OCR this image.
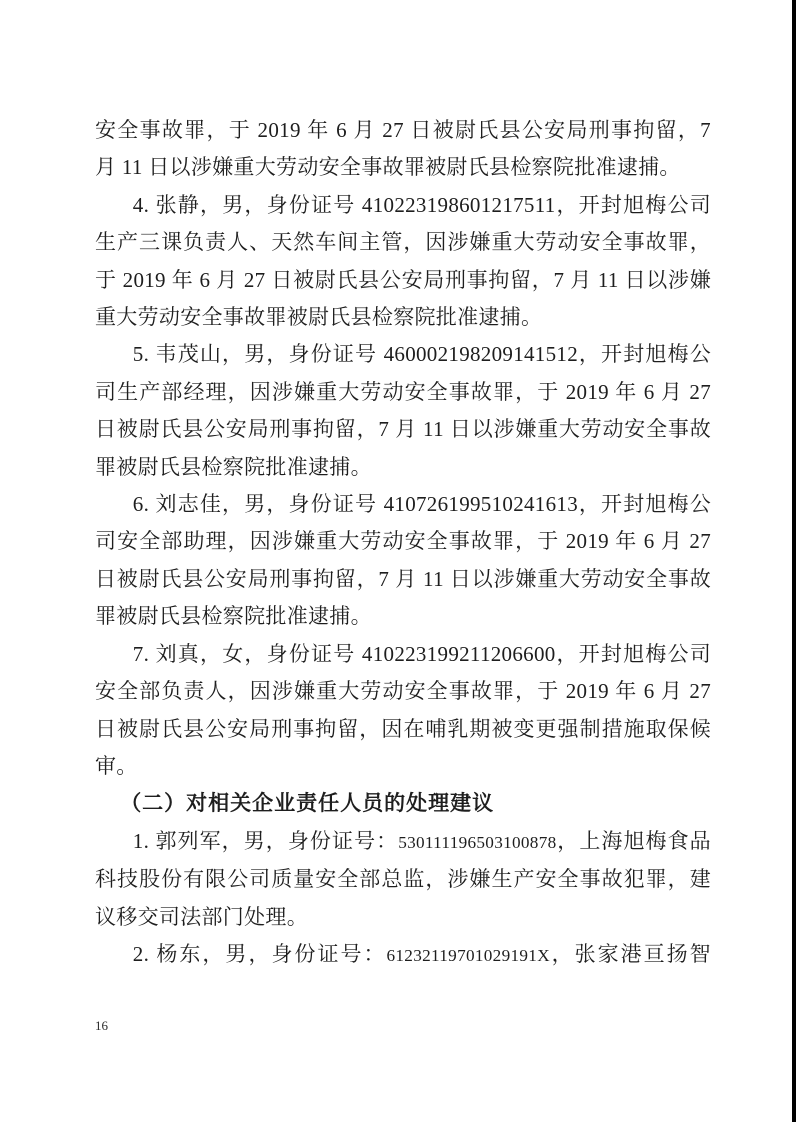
安全事故罪，于 2019 年 6 月 27 日被尉氏县公安局刑事拘留，7
月 11 日以涉嫌重大劳动安全事故罪被尉氏县检察院批准逮捕。
4. 张静，男，身份证号 410223198601217511，开封旭梅公司
生产三课负责人、天然车间主管，因涉嫌重大劳动安全事故罪，
于 2019 年 6 月 27 日被尉氏县公安局刑事拘留，7 月 11 日以涉嫌
重大劳动安全事故罪被尉氏县检察院批准逮捕。
5. 韦茂山，男，身份证号 460002198209141512，开封旭梅公
司生产部经理，因涉嫌重大劳动安全事故罪，于 2019 年 6 月 27
日被尉氏县公安局刑事拘留，7 月 11 日以涉嫌重大劳动安全事故
罪被尉氏县检察院批准逮捕。
6. 刘志佳，男，身份证号 410726199510241613，开封旭梅公
司安全部助理，因涉嫌重大劳动安全事故罪，于 2019 年 6 月 27
日被尉氏县公安局刑事拘留，7 月 11 日以涉嫌重大劳动安全事故
罪被尉氏县检察院批准逮捕。
7. 刘真，女，身份证号 410223199211206600，开封旭梅公司
安全部负责人，因涉嫌重大劳动安全事故罪，于 2019 年 6 月 27
日被尉氏县公安局刑事拘留，因在哺乳期被变更强制措施取保候
审。
（二）对相关企业责任人员的处理建议
1. 郭列军，男，身份证号：530111196503100878，上海旭梅食品
科技股份有限公司质量安全部总监，涉嫌生产安全事故犯罪，建
议移交司法部门处理。
2. 杨东，男，身份证号：61232119701029191X，张家港亘扬智
16
